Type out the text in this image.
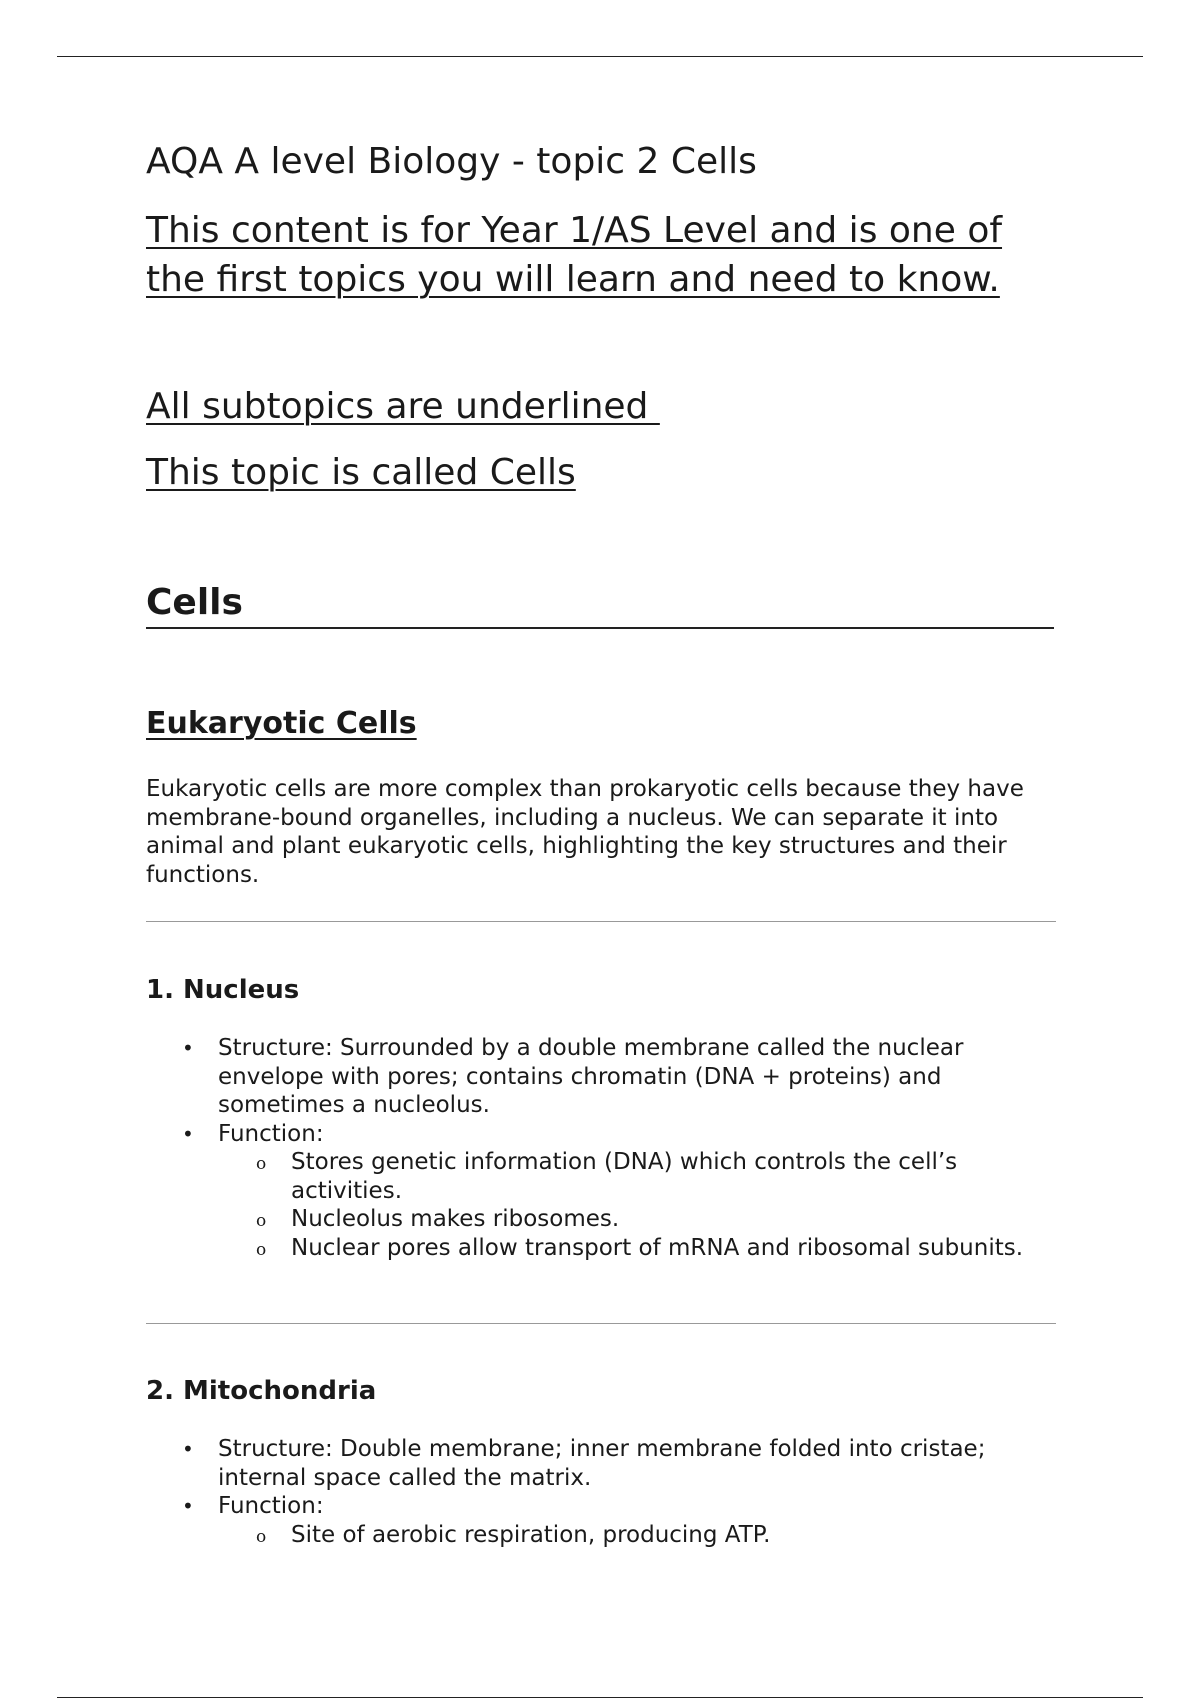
AQA A level Biology - topic 2 Cells

This content is for Year 1/AS Level and is one of the first topics you will learn and need to know.

All subtopics are underlined

This topic is called Cells

Cells
Eukaryotic Cells

Eukaryotic cells are more complex than prokaryotic cells because they have membrane-bound organelles, including a nucleus. We can separate it into animal and plant eukaryotic cells, highlighting the key structures and their functions.

1. Nucleus
• Structure: Surrounded by a double membrane called the nuclear envelope with pores; contains chromatin (DNA + proteins) and sometimes a nucleolus.
• Function:
o Stores genetic information (DNA) which controls the cell’s activities.
o Nucleolus makes ribosomes.
o Nuclear pores allow transport of mRNA and ribosomal subunits.
2. Mitochondria
• Structure: Double membrane; inner membrane folded into cristae; internal space called the matrix.
• Function:
o Site of aerobic respiration, producing ATP.
